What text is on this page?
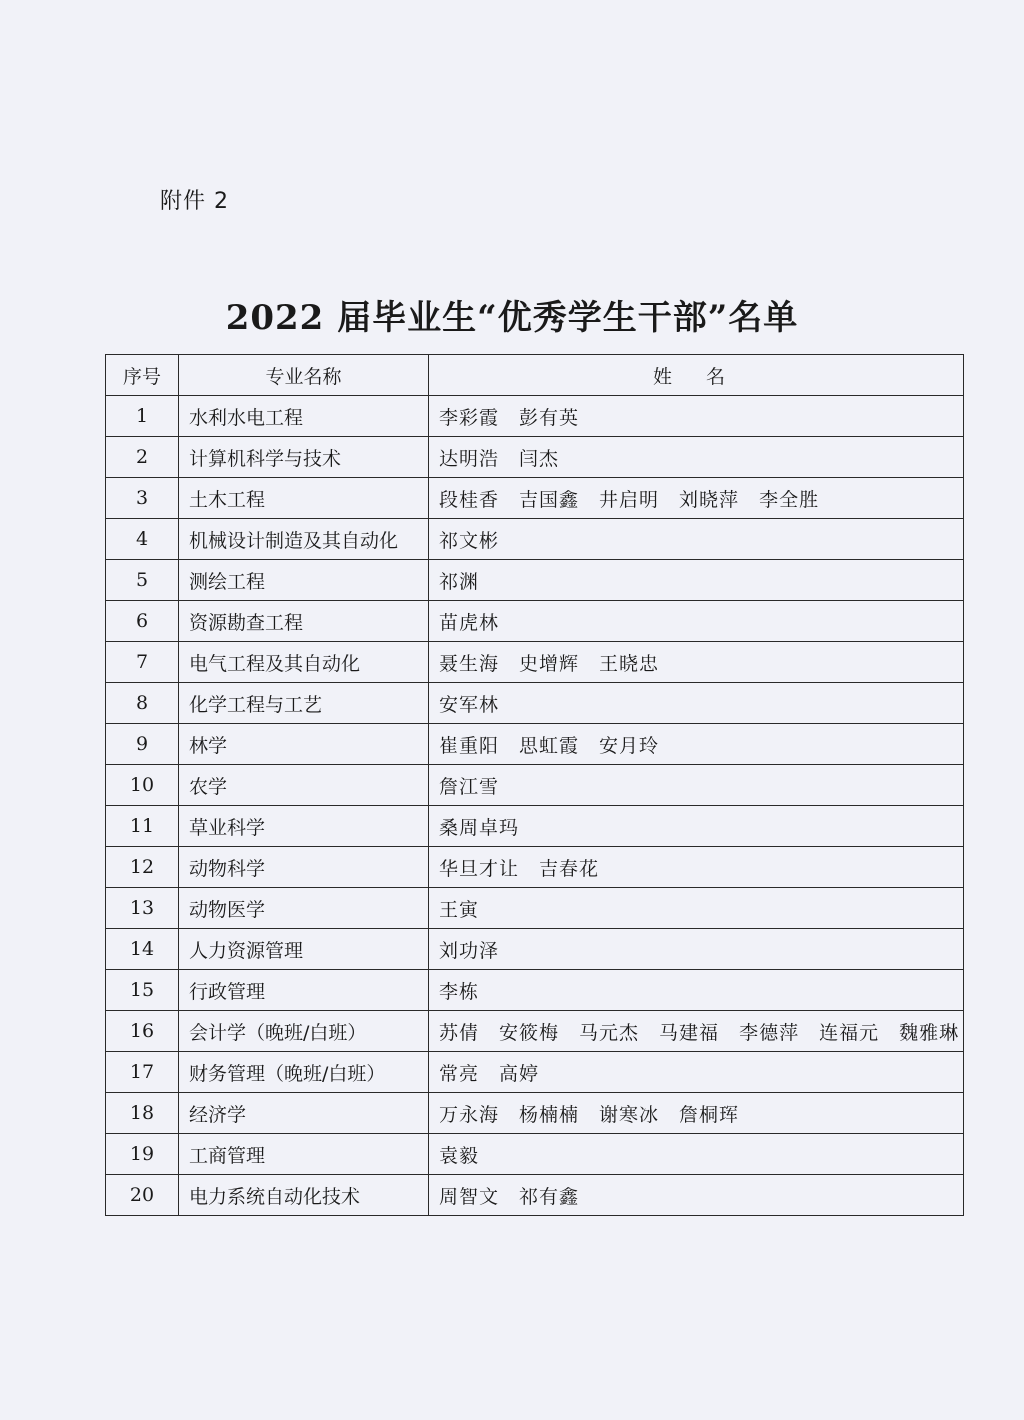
附件 2
2022 届毕业生“优秀学生干部”名单
序号	专业名称	姓 名
1	水利水电工程	李彩霞 彭有英
2	计算机科学与技术	达明浩 闫杰
3	土木工程	段桂香 吉国鑫 井启明 刘晓萍 李全胜
4	机械设计制造及其自动化	祁文彬
5	测绘工程	祁渊
6	资源勘查工程	苗虎林
7	电气工程及其自动化	聂生海 史增辉 王晓忠
8	化学工程与工艺	安军林
9	林学	崔重阳 思虹霞 安月玲
10	农学	詹江雪
11	草业科学	桑周卓玛
12	动物科学	华旦才让 吉春花
13	动物医学	王寅
14	人力资源管理	刘功泽
15	行政管理	李栋
16	会计学（晚班/白班）	苏倩 安筱梅 马元杰 马建福 李德萍 连福元 魏雅琳
17	财务管理（晚班/白班）	常亮 高婷
18	经济学	万永海 杨楠楠 谢寒冰 詹桐珲
19	工商管理	袁毅
20	电力系统自动化技术	周智文 祁有鑫
